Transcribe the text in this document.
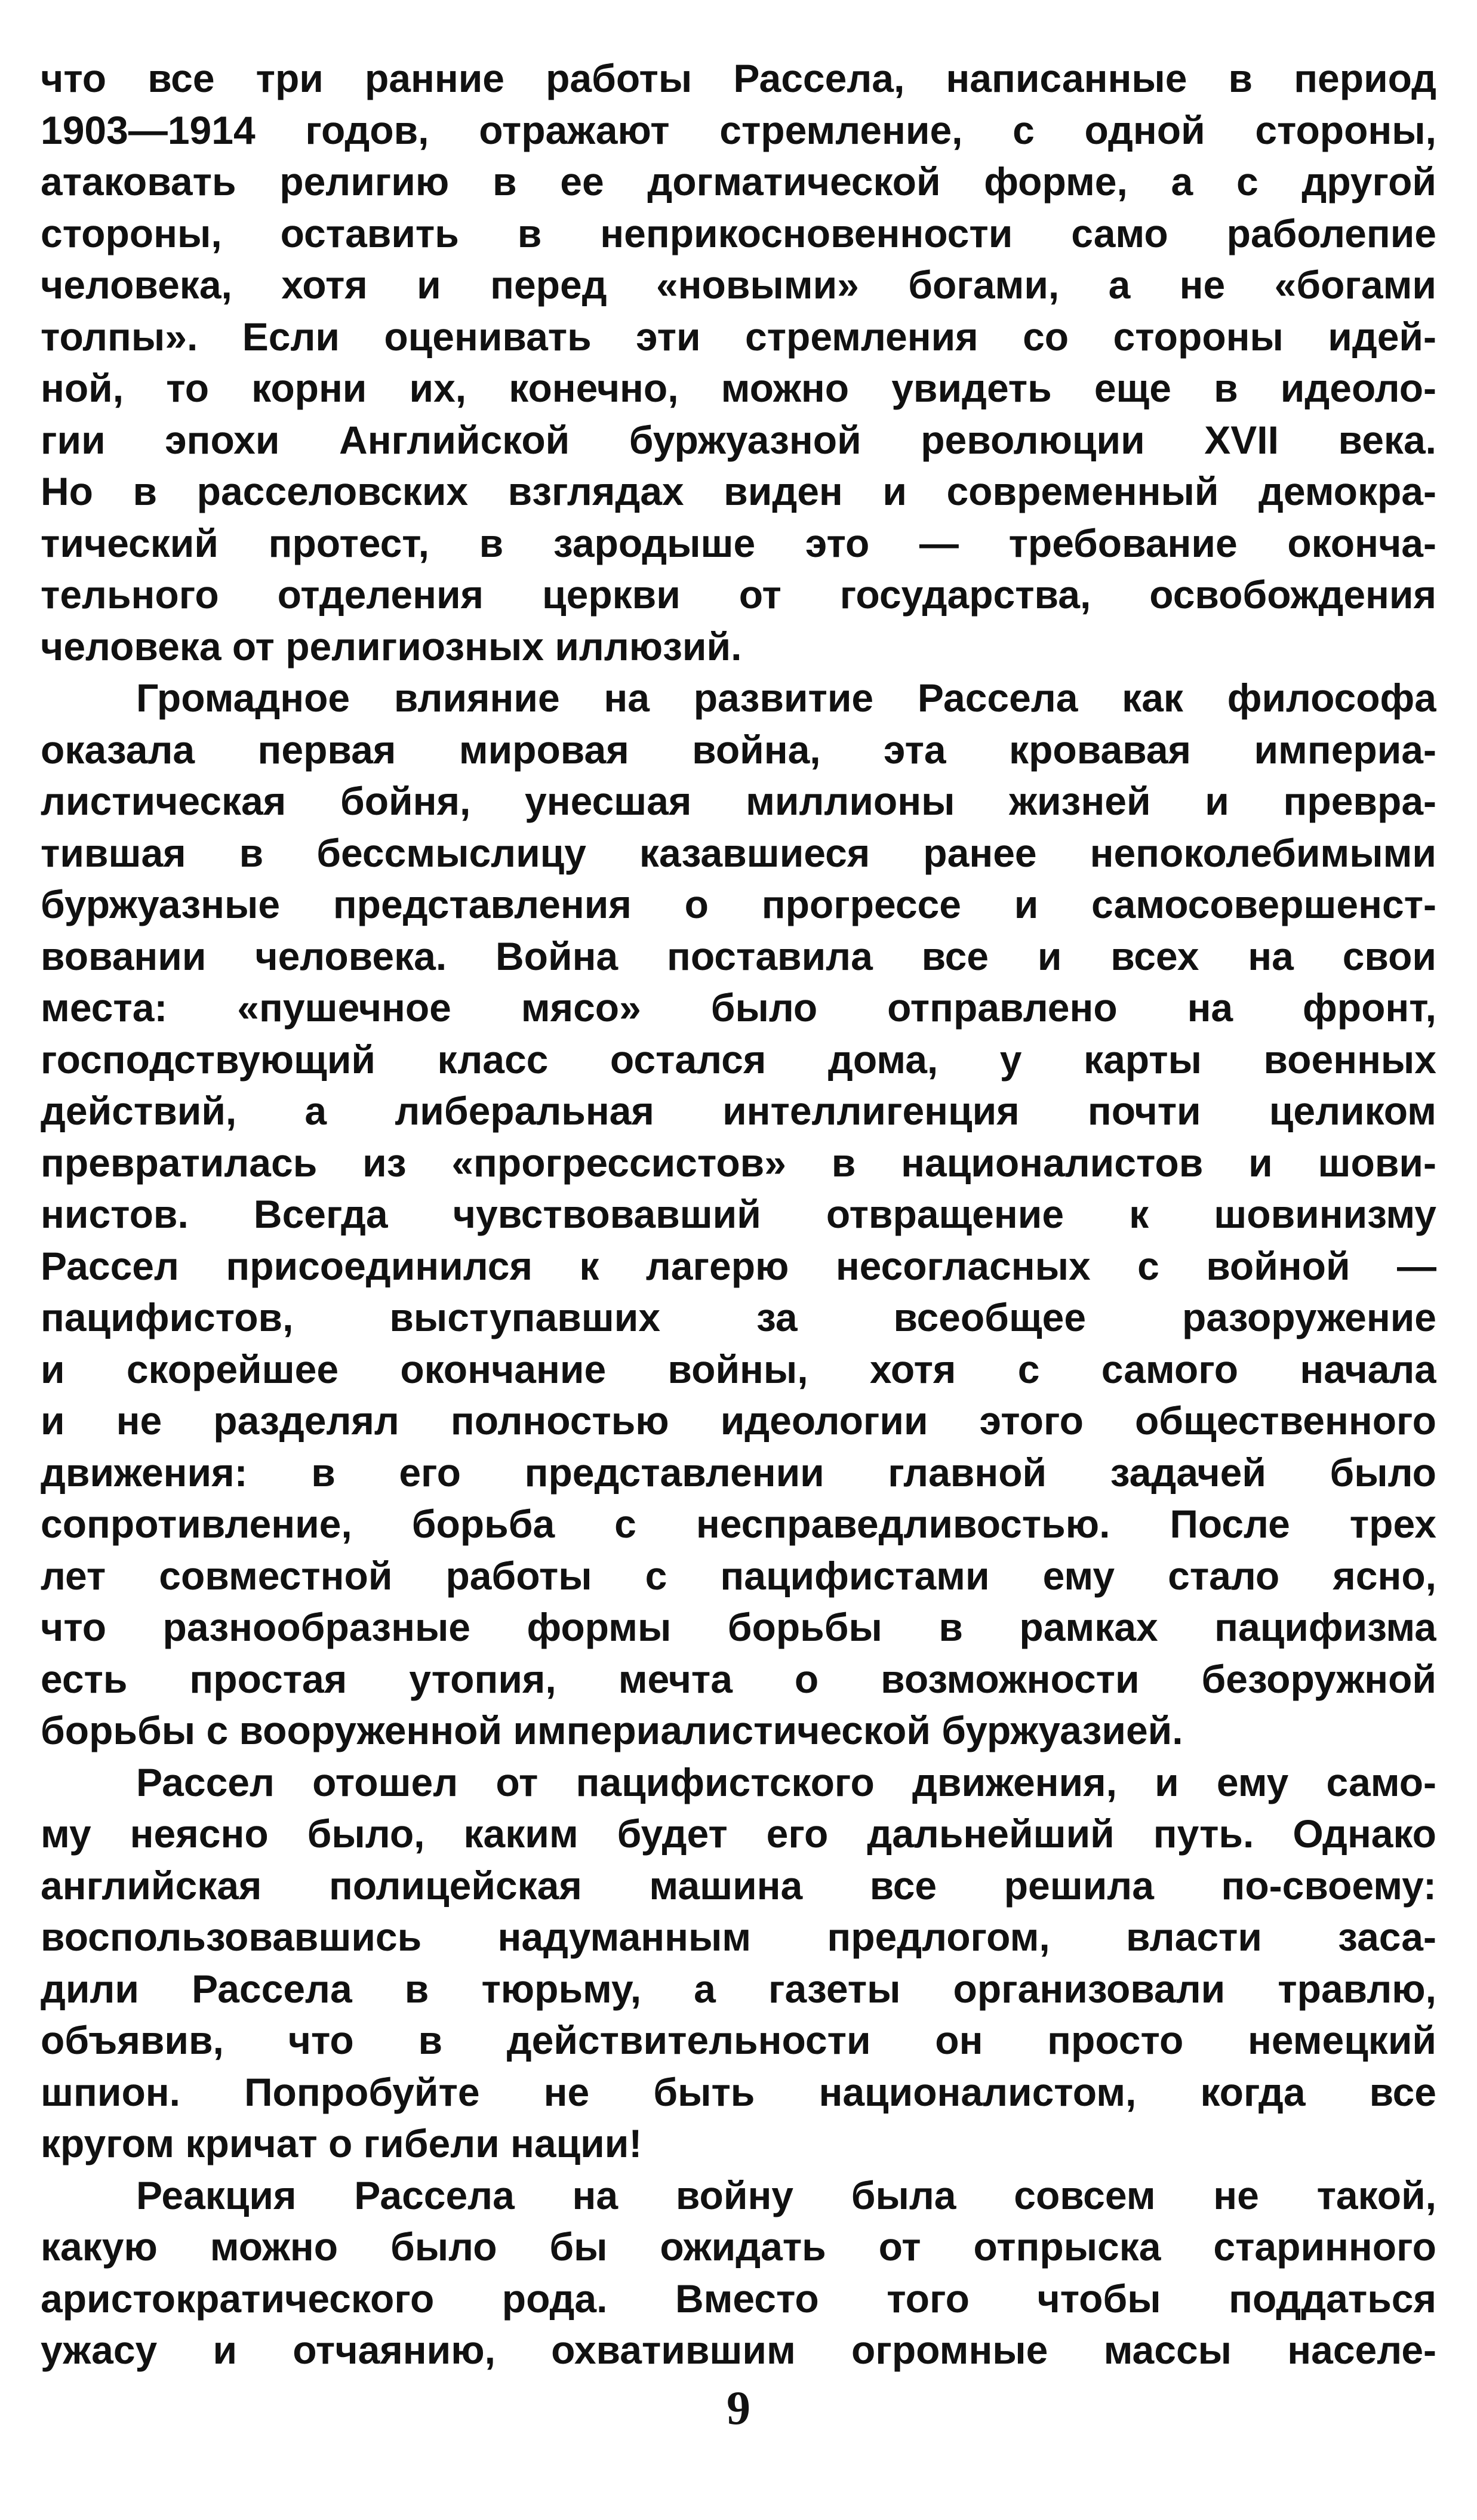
что все три ранние работы Рассела, написанные в период
1903—1914 годов, отражают стремление, с одной стороны,
атаковать религию в ее догматической форме, а с другой
стороны, оставить в неприкосновенности само раболепие
человека, хотя и перед «новыми» богами, а не «богами
толпы». Если оценивать эти стремления со стороны идей-
ной, то корни их, конечно, можно увидеть еще в идеоло-
гии эпохи Английской буржуазной революции XVII века.
Но в расселовских взглядах виден и современный демокра-
тический протест, в зародыше это — требование оконча-
тельного отделения церкви от государства, освобождения
человека от религиозных иллюзий.
Громадное влияние на развитие Рассела как философа
оказала первая мировая война, эта кровавая империа-
листическая бойня, унесшая миллионы жизней и превра-
тившая в бессмыслицу казавшиеся ранее непоколебимыми
буржуазные представления о прогрессе и самосовершенст-
вовании человека. Война поставила все и всех на свои
места: «пушечное мясо» было отправлено на фронт,
господствующий класс остался дома, у карты военных
действий, а либеральная интеллигенция почти целиком
превратилась из «прогрессистов» в националистов и шови-
нистов. Всегда чувствовавший отвращение к шовинизму
Рассел присоединился к лагерю несогласных с войной —
пацифистов, выступавших за всеобщее разоружение
и скорейшее окончание войны, хотя с самого начала
и не разделял полностью идеологии этого общественного
движения: в его представлении главной задачей было
сопротивление, борьба с несправедливостью. После трех
лет совместной работы с пацифистами ему стало ясно,
что разнообразные формы борьбы в рамках пацифизма
есть простая утопия, мечта о возможности безоружной
борьбы с вооруженной империалистической буржуазией.
Рассел отошел от пацифистского движения, и ему само-
му неясно было, каким будет его дальнейший путь. Однако
английская полицейская машина все решила по-своему:
воспользовавшись надуманным предлогом, власти заса-
дили Рассела в тюрьму, а газеты организовали травлю,
объявив, что в действительности он просто немецкий
шпион. Попробуйте не быть националистом, когда все
кругом кричат о гибели нации!
Реакция Рассела на войну была совсем не такой,
какую можно было бы ожидать от отпрыска старинного
аристократического рода. Вместо того чтобы поддаться
ужасу и отчаянию, охватившим огромные массы населе-
9
